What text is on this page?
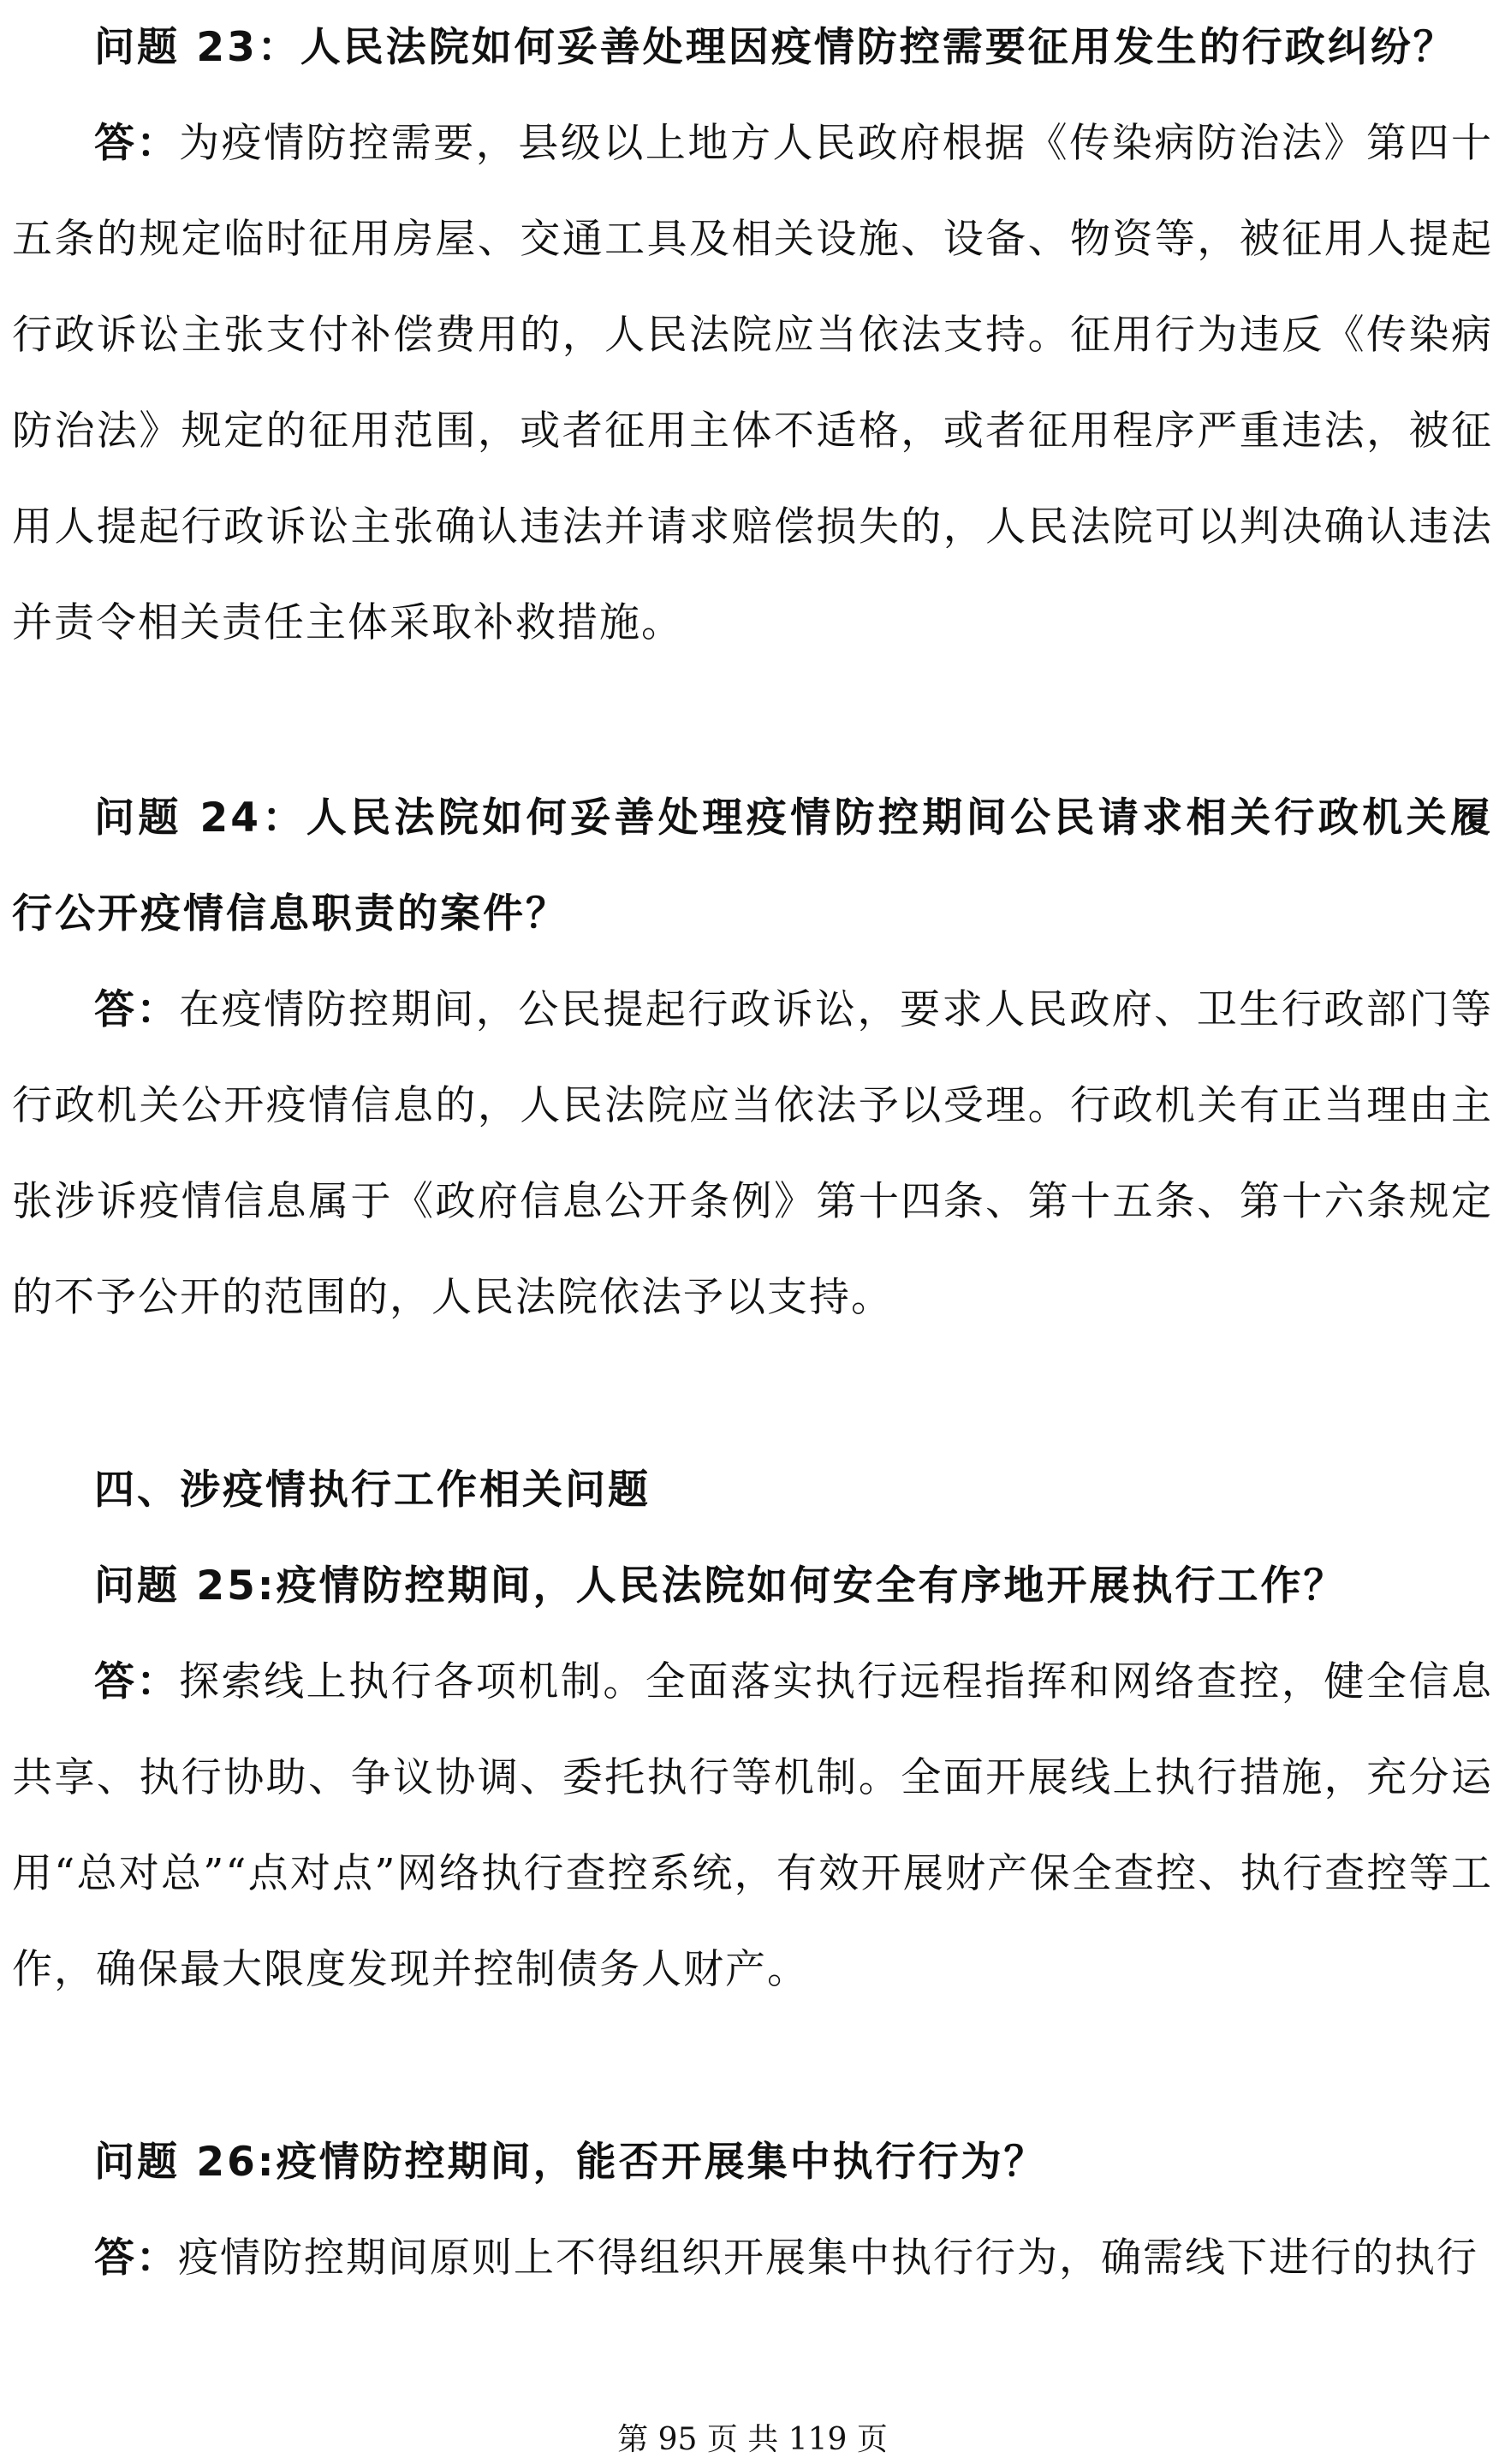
问题 23：人民法院如何妥善处理因疫情防控需要征用发生的行政纠纷？
答：为疫情防控需要，县级以上地方人民政府根据《传染病防治法》第四十五条的规定临时征用房屋、交通工具及相关设施、设备、物资等，被征用人提起行政诉讼主张支付补偿费用的，人民法院应当依法支持。征用行为违反《传染病防治法》规定的征用范围，或者征用主体不适格，或者征用程序严重违法，被征用人提起行政诉讼主张确认违法并请求赔偿损失的，人民法院可以判决确认违法并责令相关责任主体采取补救措施。
问题 24：人民法院如何妥善处理疫情防控期间公民请求相关行政机关履行公开疫情信息职责的案件？
答：在疫情防控期间，公民提起行政诉讼，要求人民政府、卫生行政部门等行政机关公开疫情信息的，人民法院应当依法予以受理。行政机关有正当理由主张涉诉疫情信息属于《政府信息公开条例》第十四条、第十五条、第十六条规定的不予公开的范围的，人民法院依法予以支持。
四、涉疫情执行工作相关问题
问题 25:疫情防控期间，人民法院如何安全有序地开展执行工作？
答：探索线上执行各项机制。全面落实执行远程指挥和网络查控，健全信息共享、执行协助、争议协调、委托执行等机制。全面开展线上执行措施，充分运用“总对总”“点对点”网络执行查控系统，有效开展财产保全查控、执行查控等工作，确保最大限度发现并控制债务人财产。
问题 26:疫情防控期间，能否开展集中执行行为？
答：疫情防控期间原则上不得组织开展集中执行行为，确需线下进行的执行
第 95 页 共 119 页
